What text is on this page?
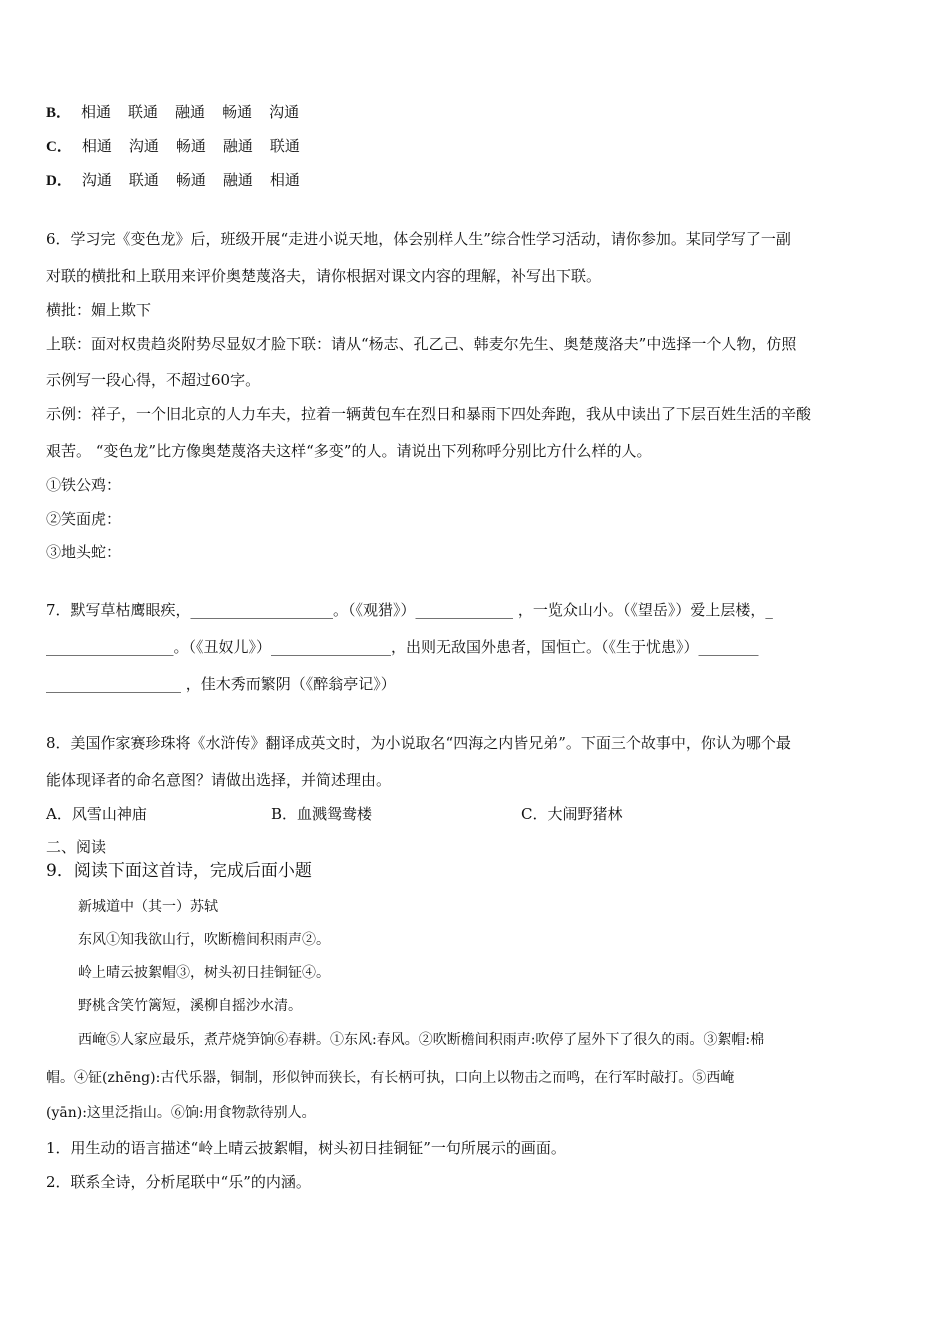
B． 相通 联通 融通 畅通 沟通
C． 相通 沟通 畅通 融通 联通
D． 沟通 联通 畅通 融通 相通
6．学习完《变色龙》后，班级开展“走进小说天地，体会别样人生”综合性学习活动，请你参加。某同学写了一副
对联的横批和上联用来评价奥楚蔑洛夫，请你根据对课文内容的理解，补写出下联。
横批：媚上欺下
上联：面对权贵趋炎附势尽显奴才脸下联：请从“杨志、孔乙己、韩麦尔先生、奥楚蔑洛夫”中选择一个人物，仿照
示例写一段心得，不超过60字。
示例：祥子，一个旧北京的人力车夫，拉着一辆黄包车在烈日和暴雨下四处奔跑，我从中读出了下层百姓生活的辛酸
艰苦。 “变色龙”比方像奥楚蔑洛夫这样“多变”的人。请说出下列称呼分别比方什么样的人。
①铁公鸡：
②笑面虎：
③地头蛇：
7．默写草枯鹰眼疾，___________________。（《观猎》）_____________ ，一览众山小。（《望岳》）爱上层楼，_
_________________。（《丑奴儿》）________________，出则无敌国外患者，国恒亡。（《生于忧患》）________
__________________ ，佳木秀而繁阴（《醉翁亭记》）
8．美国作家赛珍珠将《水浒传》翻译成英文时，为小说取名“四海之内皆兄弟”。下面三个故事中，你认为哪个最
能体现译者的命名意图？请做出选择，并简述理由。
A．风雪山神庙	B．血溅鸳鸯楼	C．大闹野猪林
二、阅读
9．阅读下面这首诗，完成后面小题
新城道中（其一）苏轼
东风①知我欲山行，吹断檐间积雨声②。
岭上晴云披絮帽③，树头初日挂铜钲④。
野桃含笑竹篱短，溪柳自摇沙水清。
西崦⑤人家应最乐，煮芹烧笋饷⑥春耕。①东风:春风。②吹断檐间积雨声:吹停了屋外下了很久的雨。③絮帽:棉
帽。④钲(zhēng):古代乐器，铜制，形似钟而狭长，有长柄可执，口向上以物击之而鸣，在行军时敲打。⑤西崦
(yān):这里泛指山。⑥饷:用食物款待别人。
1．用生动的语言描述“岭上晴云披絮帽，树头初日挂铜钲”一句所展示的画面。
2．联系全诗，分析尾联中“乐”的内涵。
